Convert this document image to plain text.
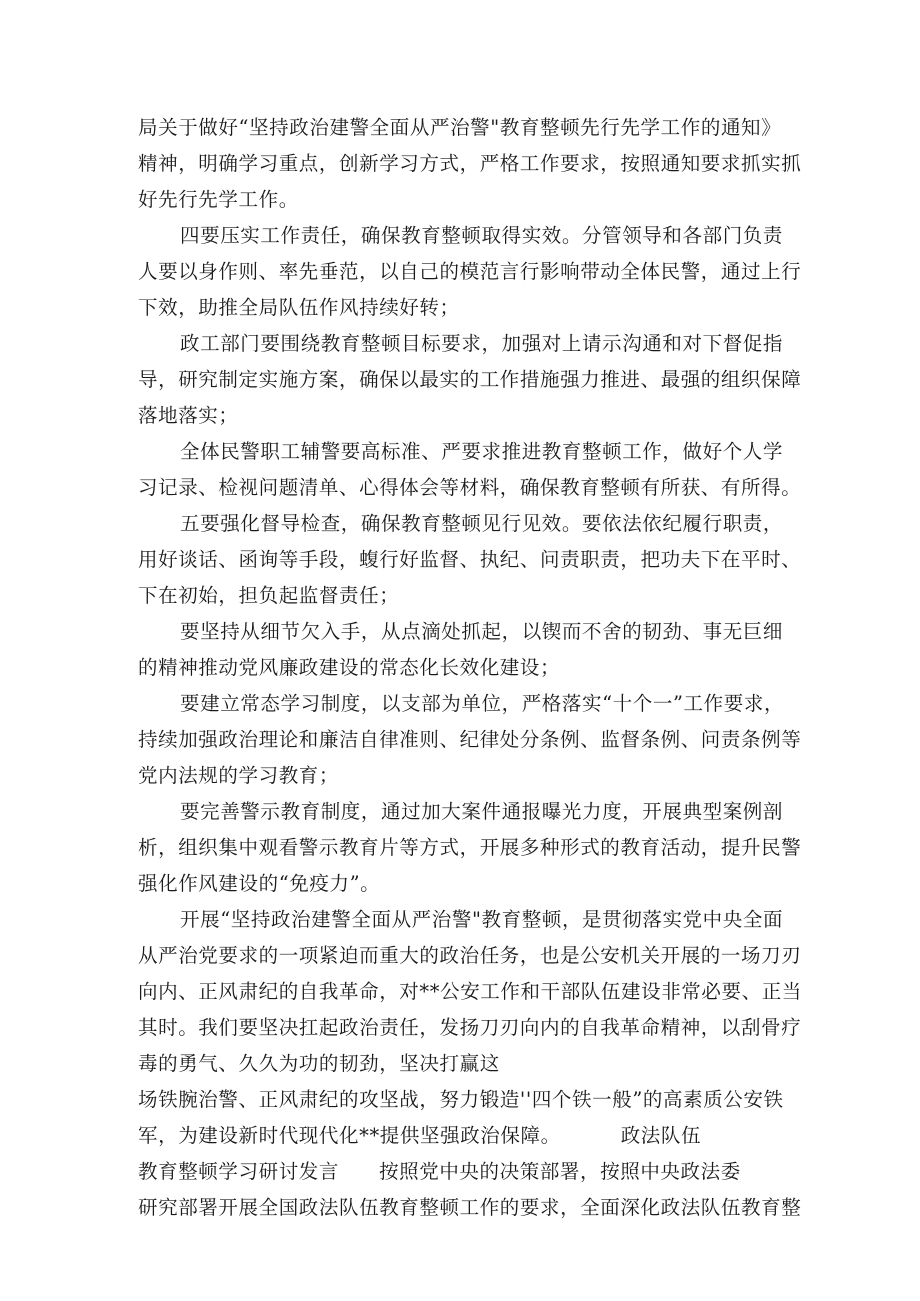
局关于做好“坚持政治建警全面从严治警"教育整顿先行先学工作的通知》
精神，明确学习重点，创新学习方式，严格工作要求，按照通知要求抓实抓
好先行先学工作。
四要压实工作责任，确保教育整顿取得实效。分管领导和各部门负责
人要以身作则、率先垂范，以自己的模范言行影响带动全体民警，通过上行
下效，助推全局队伍作风持续好转；
政工部门要围绕教育整顿目标要求，加强对上请示沟通和对下督促指
导，研究制定实施方案，确保以最实的工作措施强力推进、最强的组织保障
落地落实；
全体民警职工辅警要高标准、严要求推进教育整顿工作，做好个人学
习记录、检视问题清单、心得体会等材料，确保教育整顿有所获、有所得。
五要强化督导检查，确保教育整顿见行见效。要依法依纪履行职责，
用好谈话、函询等手段，蝮行好监督、执纪、问责职责，把功夫下在平时、
下在初始，担负起监督责任；
要坚持从细节欠入手，从点滴处抓起，以锲而不舍的韧劲、事无巨细
的精神推动党风廉政建设的常态化长效化建设；
要建立常态学习制度，以支部为单位，严格落实“十个一”工作要求，
持续加强政治理论和廉洁自律准则、纪律处分条例、监督条例、问责条例等
党内法规的学习教育；
要完善警示教育制度，通过加大案件通报曝光力度，开展典型案例剖
析，组织集中观看警示教育片等方式，开展多种形式的教育活动，提升民警
强化作风建设的“免疫力”。
开展“坚持政治建警全面从严治警"教育整顿，是贯彻落实党中央全面
从严治党要求的一项紧迫而重大的政治任务，也是公安机关开展的一场刀刃
向内、正风肃纪的自我革命，对**公安工作和干部队伍建设非常必要、正当
其时。我们要坚决扛起政治责任，发扬刀刃向内的自我革命精神，以刮骨疗
毒的勇气、久久为功的韧劲，坚决打赢这
场铁腕治警、正风肃纪的攻坚战，努力锻造''四个铁一般”的高素质公安铁
军，为建设新时代现代化**提供坚强政治保障。	政法队伍
教育整顿学习研讨发言 按照党中央的决策部署，按照中央政法委
研究部署开展全国政法队伍教育整顿工作的要求，全面深化政法队伍教育整
